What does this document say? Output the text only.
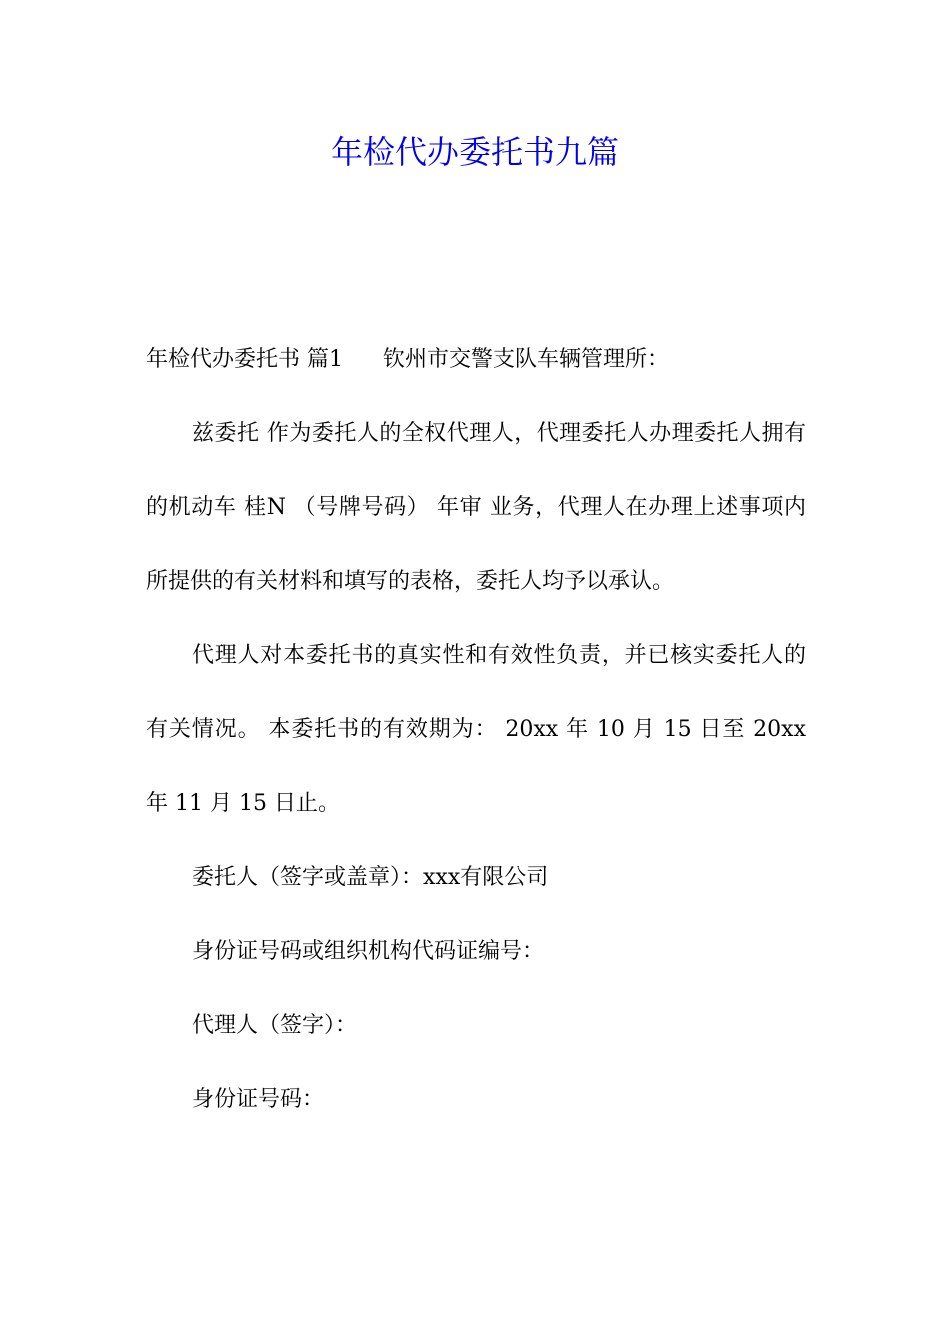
年检代办委托书九篇

年检代办委托书 篇1 钦州市交警支队车辆管理所：

兹委托 作为委托人的全权代理人，代理委托人办理委托人拥有的机动车 桂N （号牌号码） 年审 业务，代理人在办理上述事项内所提供的有关材料和填写的表格，委托人均予以承认。

代理人对本委托书的真实性和有效性负责，并已核实委托人的有关情况。 本委托书的有效期为： 20xx 年 10 月 15 日至 20xx 年 11 月 15 日止。

委托人（签字或盖章）：xxx有限公司

身份证号码或组织机构代码证编号：

代理人（签字）：

身份证号码：
